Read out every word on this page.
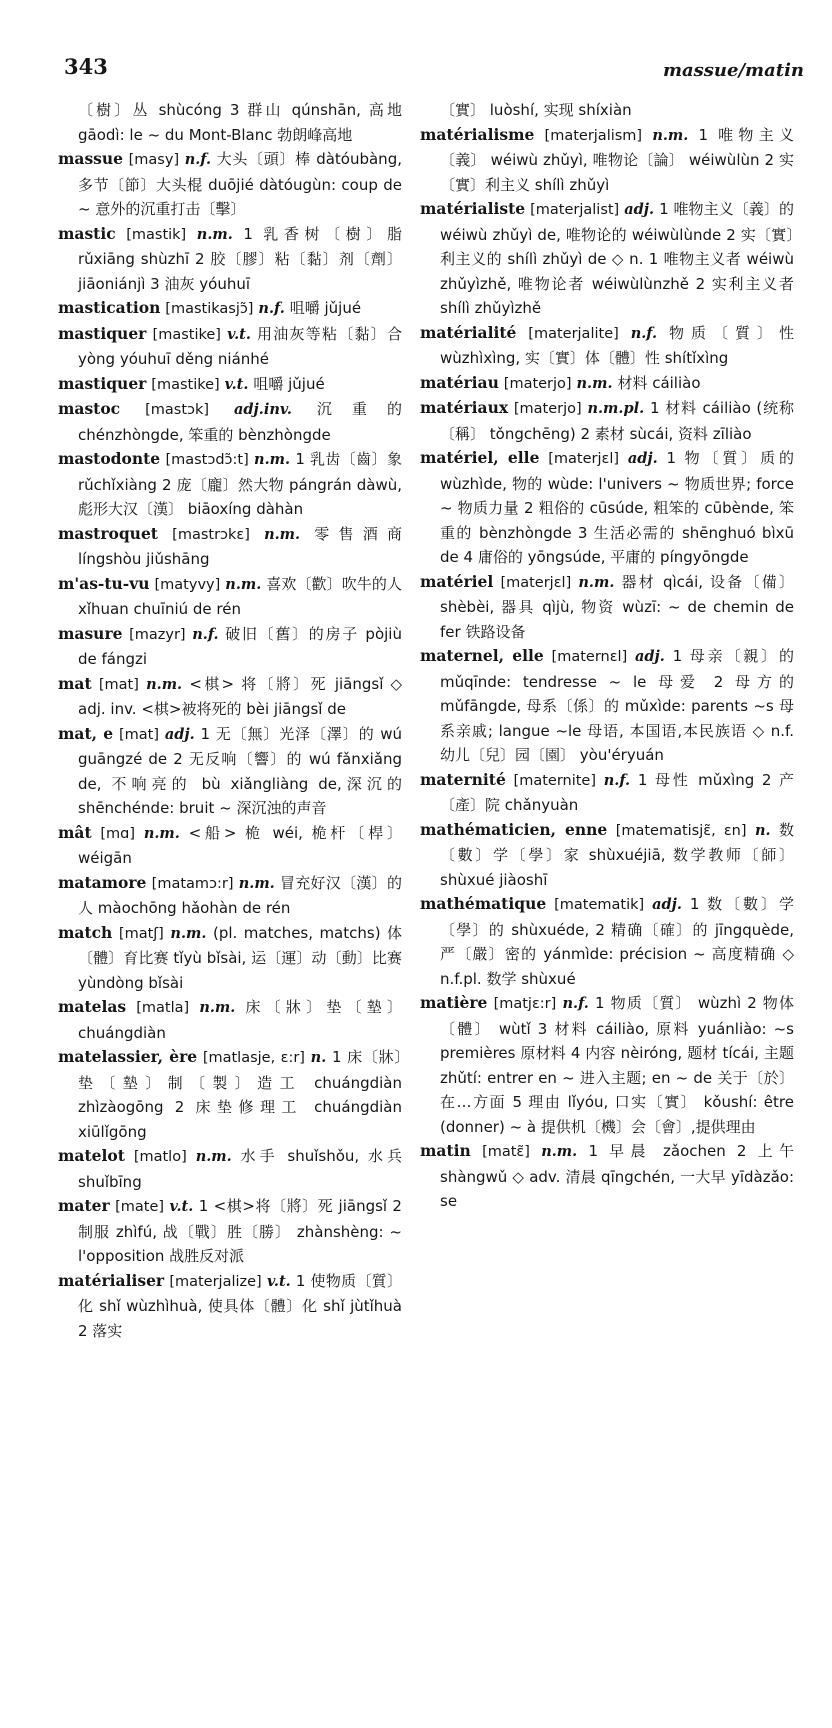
343	massue/matin

〔樹〕丛 shùcóng 3 群山 qúnshān, 高地 gāodì: le ~ du Mont-Blanc 勃朗峰高地

massue [masy] n.f. 大头〔頭〕棒 dàtóubàng, 多节〔節〕大头棍 duōjié dàtóugùn: coup de ~ 意外的沉重打击〔擊〕

mastic [mastik] n.m. 1 乳香树〔樹〕脂 rǔxiāng shùzhī 2 胶〔膠〕粘〔黏〕剂〔劑〕 jiāoniánjì 3 油灰 yóuhuī

mastication [mastikasjɔ̃] n.f. 咀嚼 jǔjué

mastiquer [mastike] v.t. 用油灰等粘〔黏〕合 yòng yóuhuī děng niánhé

mastiquer [mastike] v.t. 咀嚼 jǔjué

mastoc [mastɔk] adj.inv. 沉重的 chénzhòngde, 笨重的 bènzhòngde

mastodonte [mastɔdɔ̃:t] n.m. 1 乳齿〔齒〕象 rǔchǐxiàng 2 庞〔龐〕然大物 pángrán dàwù,彪形大汉〔漢〕 biāoxíng dàhàn

mastroquet [mastrɔkɛ] n.m. 零售酒商 língshòu jiǔshāng

m'as-tu-vu [matyvy] n.m. 喜欢〔歡〕吹牛的人 xǐhuan chuīniú de rén

masure [mazyr] n.f. 破旧〔舊〕的房子 pòjiù de fángzi

mat [mat] n.m. <棋> 将〔將〕死 jiāngsǐ ◇ adj. inv. <棋>被将死的 bèi jiāngsǐ de

mat, e [mat] adj. 1 无〔無〕光泽〔澤〕的 wú guāngzé de 2 无反响〔響〕的 wú fǎnxiǎng de, 不响亮的 bù xiǎngliàng de,深沉的 shēnchénde: bruit ~ 深沉浊的声音

mât [mɑ] n.m. <船> 桅 wéi, 桅杆〔桿〕 wéigān

matamore [matamɔ:r] n.m. 冒充好汉〔漢〕的人 màochōng hǎohàn de rén

match [matʃ] n.m. (pl. matches, matchs) 体〔體〕育比赛 tǐyù bǐsài, 运〔運〕动〔動〕比赛 yùndòng bǐsài

matelas [matla] n.m. 床〔牀〕垫〔墊〕 chuángdiàn

matelassier, ère [matlasje, ɛ:r] n. 1 床〔牀〕垫〔墊〕制〔製〕造工 chuángdiàn zhìzàogōng 2 床垫修理工 chuángdiàn xiūlǐgōng

matelot [matlo] n.m. 水手 shuǐshǒu, 水兵 shuǐbīng

mater [mate] v.t. 1 <棋>将〔將〕死 jiāngsǐ 2 制服 zhìfú, 战〔戰〕胜〔勝〕 zhànshèng: ~ l'opposition 战胜反对派

matérialiser [materjalize] v.t. 1 使物质〔質〕化 shǐ wùzhìhuà, 使具体〔體〕化 shǐ jùtǐhuà 2 落实

〔實〕 luòshí, 实现 shíxiàn

matérialisme [materjalism] n.m. 1 唯物主义〔義〕 wéiwù zhǔyì, 唯物论〔論〕 wéiwùlùn 2 实〔實〕利主义 shílì zhǔyì

matérialiste [materjalist] adj. 1 唯物主义〔義〕的 wéiwù zhǔyì de, 唯物论的 wéiwùlùnde 2 实〔實〕利主义的 shílì zhǔyì de ◇ n. 1 唯物主义者 wéiwù zhǔyìzhě, 唯物论者 wéiwùlùnzhě 2 实利主义者 shílì zhǔyìzhě

matérialité [materjalite] n.f. 物质〔質〕性 wùzhìxìng, 实〔實〕体〔體〕性 shítǐxìng

matériau [materjo] n.m. 材料 cáiliào

matériaux [materjo] n.m.pl. 1 材料 cáiliào (统称〔稱〕 tǒngchēng) 2 素材 sùcái, 资料 zīliào

matériel, elle [materjɛl] adj. 1 物〔質〕质的 wùzhìde, 物的 wùde: l'univers ~ 物质世界; force ~ 物质力量 2 粗俗的 cūsúde, 粗笨的 cūbènde, 笨重的 bènzhòngde 3 生活必需的 shēnghuó bìxū de 4 庸俗的 yōngsúde, 平庸的 píngyōngde

matériel [materjɛl] n.m. 器材 qìcái, 设备〔備〕 shèbèi, 器具 qìjù, 物资 wùzī: ~ de chemin de fer 铁路设备

maternel, elle [maternɛl] adj. 1 母亲〔親〕的 mǔqīnde: tendresse ~ le 母爱 2 母方的 mǔfāngde, 母系〔係〕的 mǔxìde: parents ~s 母系亲戚; langue ~le 母语, 本国语,本民族语 ◇ n.f. 幼儿〔兒〕园〔園〕 yòu'éryuán

maternité [maternite] n.f. 1 母性 mǔxìng 2 产〔產〕院 chǎnyuàn

mathématicien, enne [matematisjɛ̃, ɛn] n. 数〔數〕学〔學〕家 shùxuéjiā, 数学教师〔師〕 shùxué jiàoshī

mathématique [matematik] adj. 1 数〔數〕学〔學〕的 shùxuéde, 2 精确〔確〕的 jīngquède, 严〔嚴〕密的 yánmìde: précision ~ 高度精确 ◇ n.f.pl. 数学 shùxué

matière [matjɛ:r] n.f. 1 物质〔質〕 wùzhì 2 物体〔體〕 wùtǐ 3 材料 cáiliào, 原料 yuánliào: ~s premières 原材料 4 内容 nèiróng, 题材 tícái, 主题 zhǔtí: entrer en ~ 进入主题; en ~ de 关于〔於〕在…方面 5 理由 lǐyóu, 口实〔實〕 kǒushí: être (donner) ~ à 提供机〔機〕会〔會〕,提供理由

matin [matɛ̃] n.m. 1 早晨 zǎochen 2 上午 shàngwǔ ◇ adv. 清晨 qīngchén, 一大早 yīdàzǎo: se
